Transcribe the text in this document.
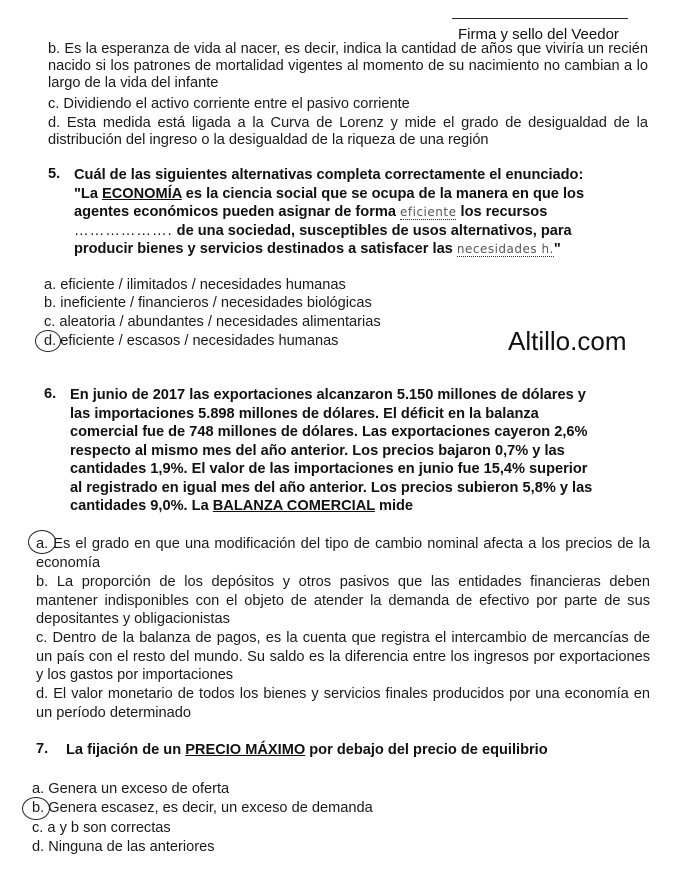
Firma y sello del Veedor
b. Es la esperanza de vida al nacer, es decir, indica la cantidad de años que viviría un recién nacido si los patrones de mortalidad vigentes al momento de su nacimiento no cambian a lo largo de la vida del infante
c. Dividiendo el activo corriente entre el pasivo corriente
d. Esta medida está ligada a la Curva de Lorenz y mide el grado de desigualdad de la distribución del ingreso o la desigualdad de la riqueza de una región
5. Cuál de las siguientes alternativas completa correctamente el enunciado:
"La ECONOMÍA es la ciencia social que se ocupa de la manera en que los
agentes económicos pueden asignar de forma eficiente los recursos
………………. de una sociedad, susceptibles de usos alternativos, para
producir bienes y servicios destinados a satisfacer las necesidades h."
a. eficiente / ilimitados / necesidades humanas
b. ineficiente / financieros / necesidades biológicas
c. aleatoria / abundantes / necesidades alimentarias
d. eficiente / escasos / necesidades humanas	Altillo.com
6. En junio de 2017 las exportaciones alcanzaron 5.150 millones de dólares y
las importaciones 5.898 millones de dólares. El déficit en la balanza
comercial fue de 748 millones de dólares. Las exportaciones cayeron 2,6%
respecto al mismo mes del año anterior. Los precios bajaron 0,7% y las
cantidades 1,9%. El valor de las importaciones en junio fue 15,4% superior
al registrado en igual mes del año anterior. Los precios subieron 5,8% y las
cantidades 9,0%. La BALANZA COMERCIAL mide
a. Es el grado en que una modificación del tipo de cambio nominal afecta a los precios de la economía
b. La proporción de los depósitos y otros pasivos que las entidades financieras deben mantener indisponibles con el objeto de atender la demanda de efectivo por parte de sus depositantes y obligacionistas
c. Dentro de la balanza de pagos, es la cuenta que registra el intercambio de mercancías de un país con el resto del mundo. Su saldo es la diferencia entre los ingresos por exportaciones y los gastos por importaciones
d. El valor monetario de todos los bienes y servicios finales producidos por una economía en un período determinado
7. La fijación de un PRECIO MÁXIMO por debajo del precio de equilibrio
a. Genera un exceso de oferta
b. Genera escasez, es decir, un exceso de demanda
c. a y b son correctas
d. Ninguna de las anteriores
